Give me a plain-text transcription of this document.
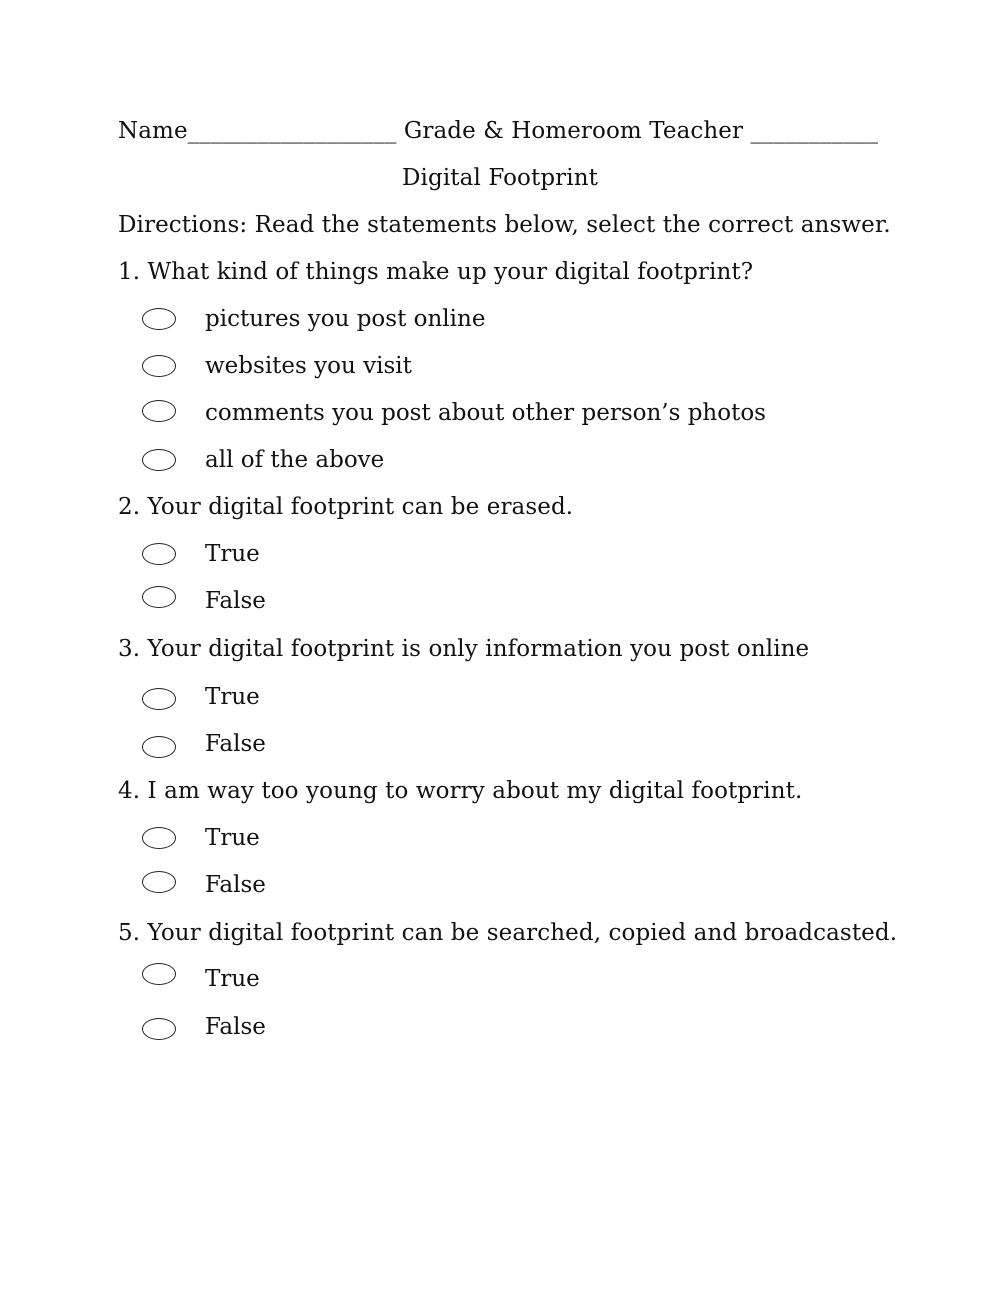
Name__________________ Grade & Homeroom Teacher ___________
Digital Footprint
Directions: Read the statements below, select the correct answer.
1. What kind of things make up your digital footprint?
pictures you post online
websites you visit
comments you post about other person’s photos
all of the above
2. Your digital footprint can be erased.
True
False
3. Your digital footprint is only information you post online
True
False
4. I am way too young to worry about my digital footprint.
True
False
5. Your digital footprint can be searched, copied and broadcasted.
True
False
